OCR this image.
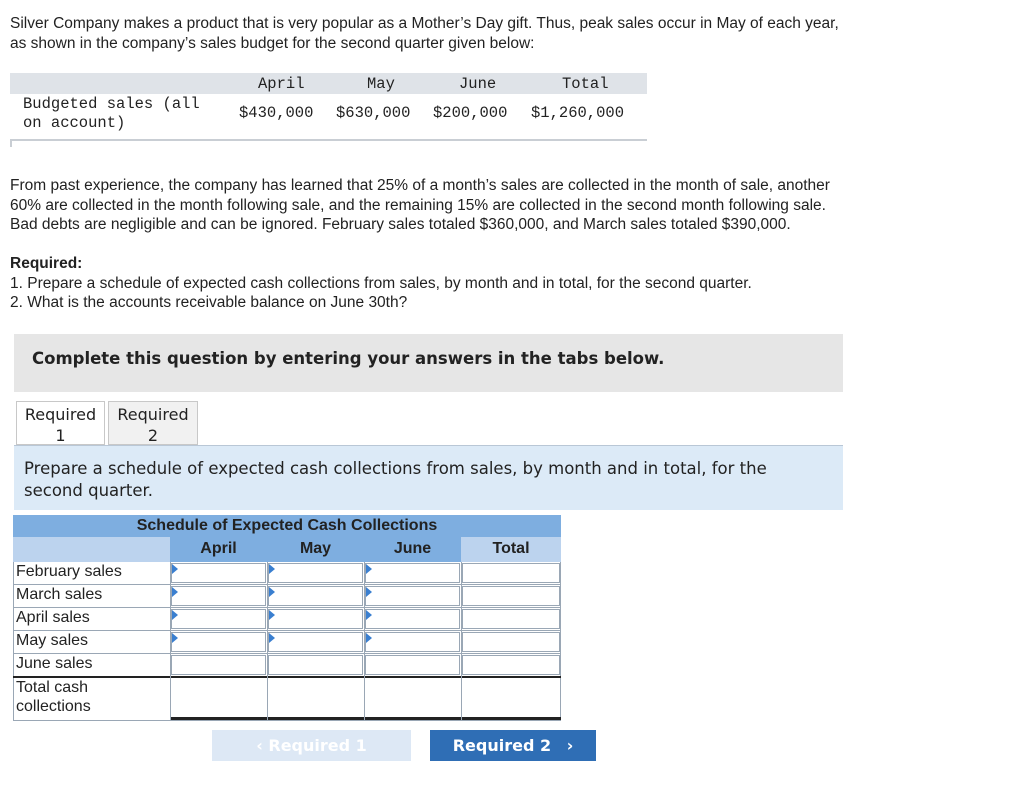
Silver Company makes a product that is very popular as a Mother’s Day gift. Thus, peak sales occur in May of each year,
as shown in the company’s sales budget for the second quarter given below:
April	May	June	Total
Budgeted sales (all
on account)
$430,000 $630,000 $200,000 $1,260,000
From past experience, the company has learned that 25% of a month’s sales are collected in the month of sale, another
60% are collected in the month following sale, and the remaining 15% are collected in the second month following sale.
Bad debts are negligible and can be ignored. February sales totaled $360,000, and March sales totaled $390,000.
Required:
1. Prepare a schedule of expected cash collections from sales, by month and in total, for the second quarter.
2. What is the accounts receivable balance on June 30th?
Complete this question by entering your answers in the tabs below.
Required
1
Required
2
Prepare a schedule of expected cash collections from sales, by month and in total, for the second quarter.
Schedule of Expected Cash Collections
April	May	June	Total
February sales
March sales
April sales
May sales
June sales
Total cash
collections
‹ Required 1	Required 2 ›
